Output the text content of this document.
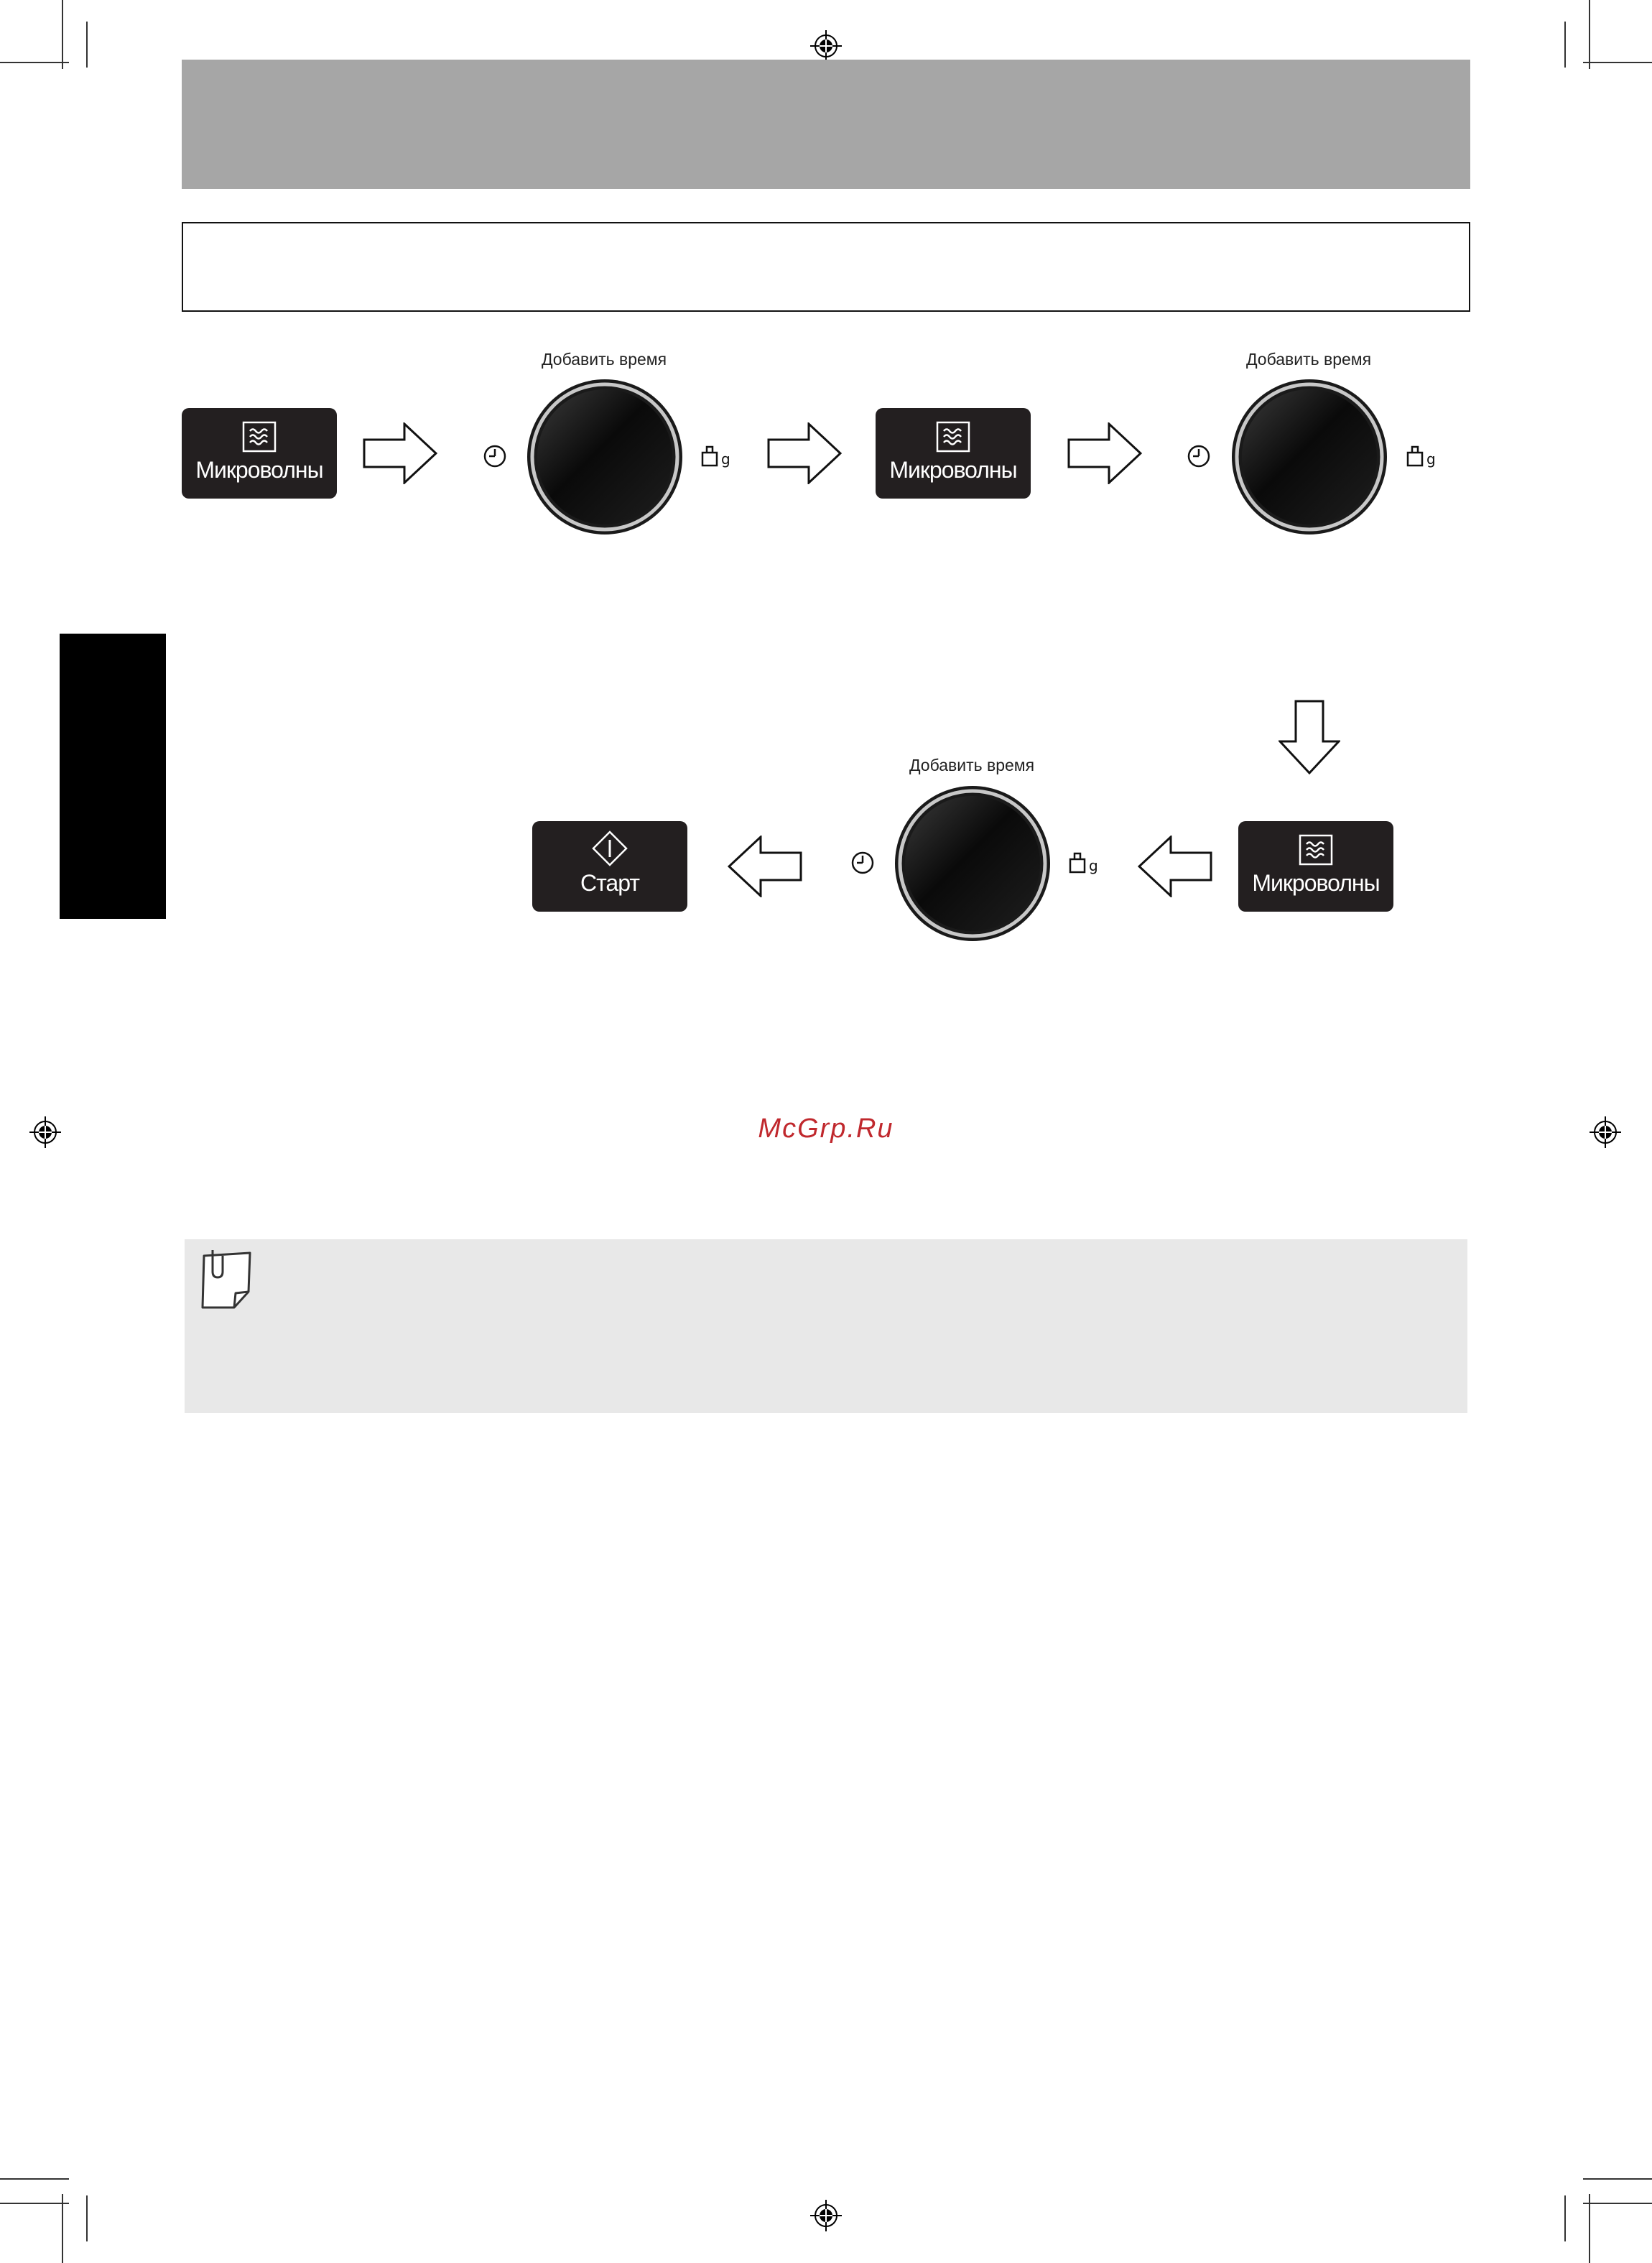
Микроволны
Добавить время
g	Микроволны
Добавить время
g
Микроволны
Добавить время
g
Старт
McGrp.Ru
